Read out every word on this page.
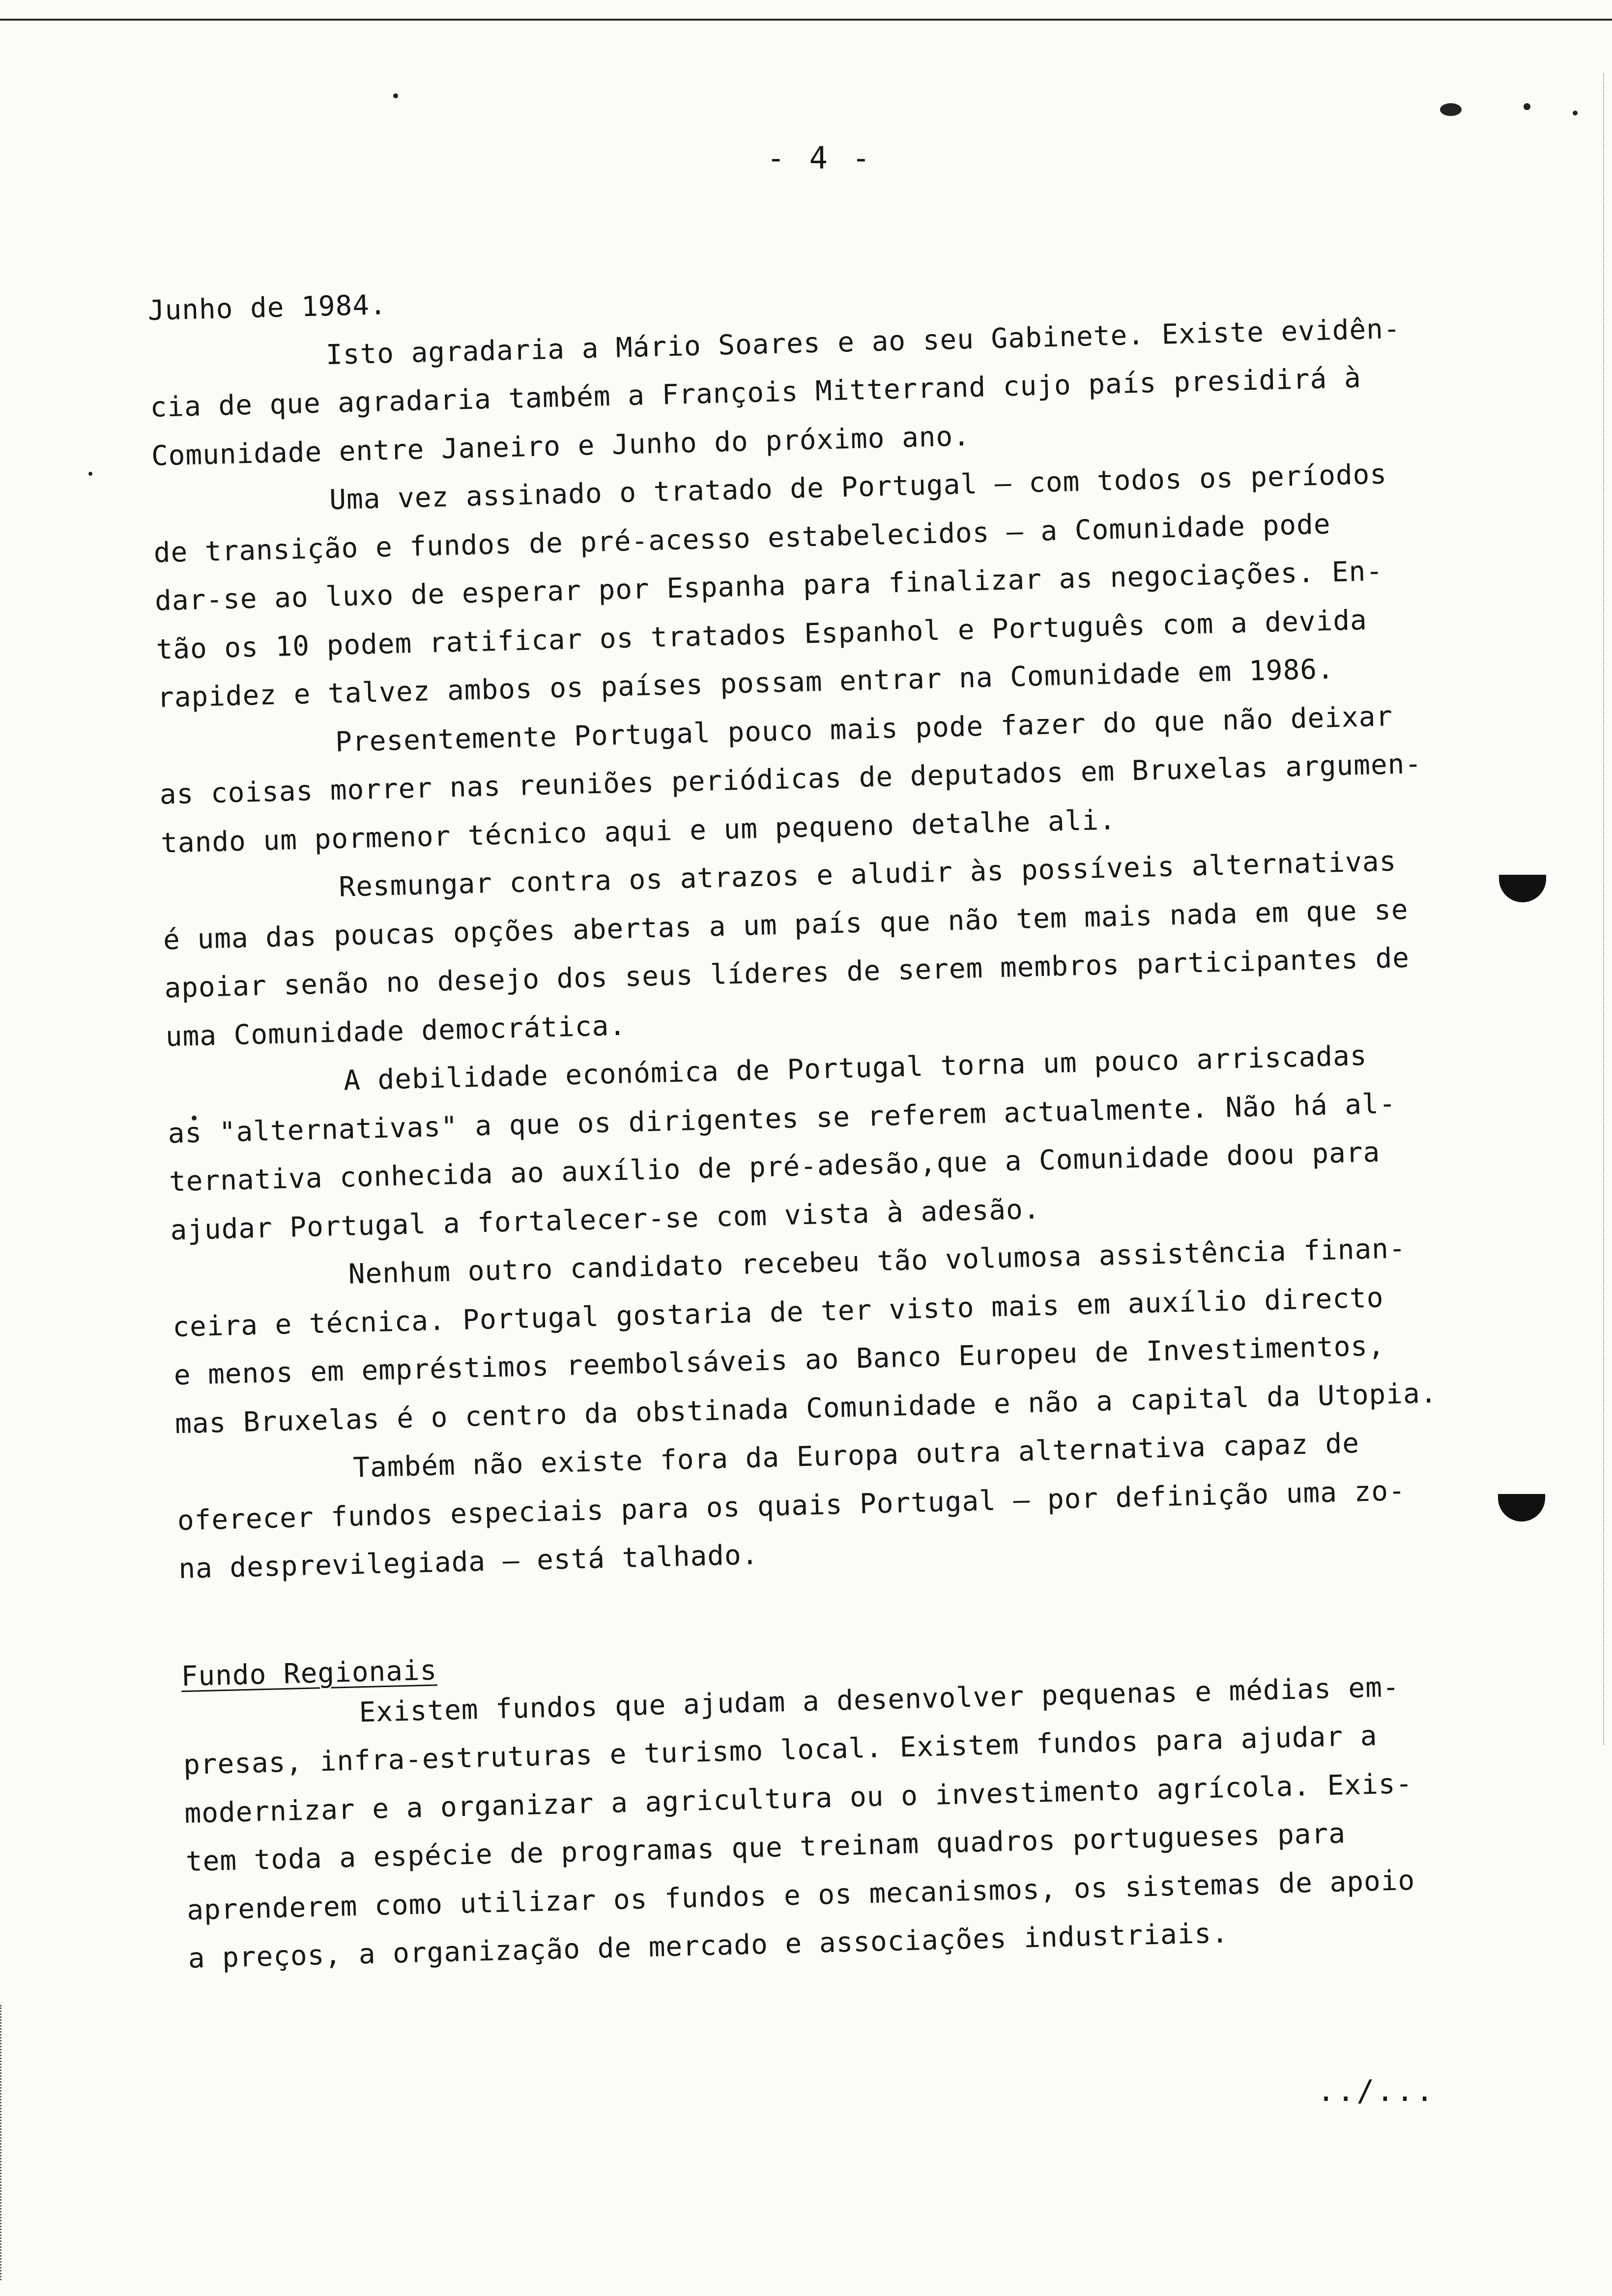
- 4 -
Junho de 1984.
Isto agradaria a Mário Soares e ao seu Gabinete. Existe evidên-
cia de que agradaria também a François Mitterrand cujo país presidirá à
Comunidade entre Janeiro e Junho do próximo ano.
Uma vez assinado o tratado de Portugal – com todos os períodos
de transição e fundos de pré-acesso estabelecidos – a Comunidade pode
dar-se ao luxo de esperar por Espanha para finalizar as negociações. En-
tão os 10 podem ratificar os tratados Espanhol e Português com a devida
rapidez e talvez ambos os países possam entrar na Comunidade em 1986.
Presentemente Portugal pouco mais pode fazer do que não deixar
as coisas morrer nas reuniões periódicas de deputados em Bruxelas argumen-
tando um pormenor técnico aqui e um pequeno detalhe ali.
Resmungar contra os atrazos e aludir às possíveis alternativas
é uma das poucas opções abertas a um país que não tem mais nada em que se
apoiar senão no desejo dos seus líderes de serem membros participantes de
uma Comunidade democrática.
A debilidade económica de Portugal torna um pouco arriscadas
as "alternativas" a que os dirigentes se referem actualmente. Não há al-
ternativa conhecida ao auxílio de pré-adesão,que a Comunidade doou para
ajudar Portugal a fortalecer-se com vista à adesão.
Nenhum outro candidato recebeu tão volumosa assistência finan-
ceira e técnica. Portugal gostaria de ter visto mais em auxílio directo
e menos em empréstimos reembolsáveis ao Banco Europeu de Investimentos,
mas Bruxelas é o centro da obstinada Comunidade e não a capital da Utopia.
Também não existe fora da Europa outra alternativa capaz de
oferecer fundos especiais para os quais Portugal – por definição uma zo-
na desprevilegiada – está talhado.
Fundo Regionais
Existem fundos que ajudam a desenvolver pequenas e médias em-
presas, infra-estruturas e turismo local. Existem fundos para ajudar a
modernizar e a organizar a agricultura ou o investimento agrícola. Exis-
tem toda a espécie de programas que treinam quadros portugueses para
aprenderem como utilizar os fundos e os mecanismos, os sistemas de apoio
a preços, a organização de mercado e associações industriais.
../...
